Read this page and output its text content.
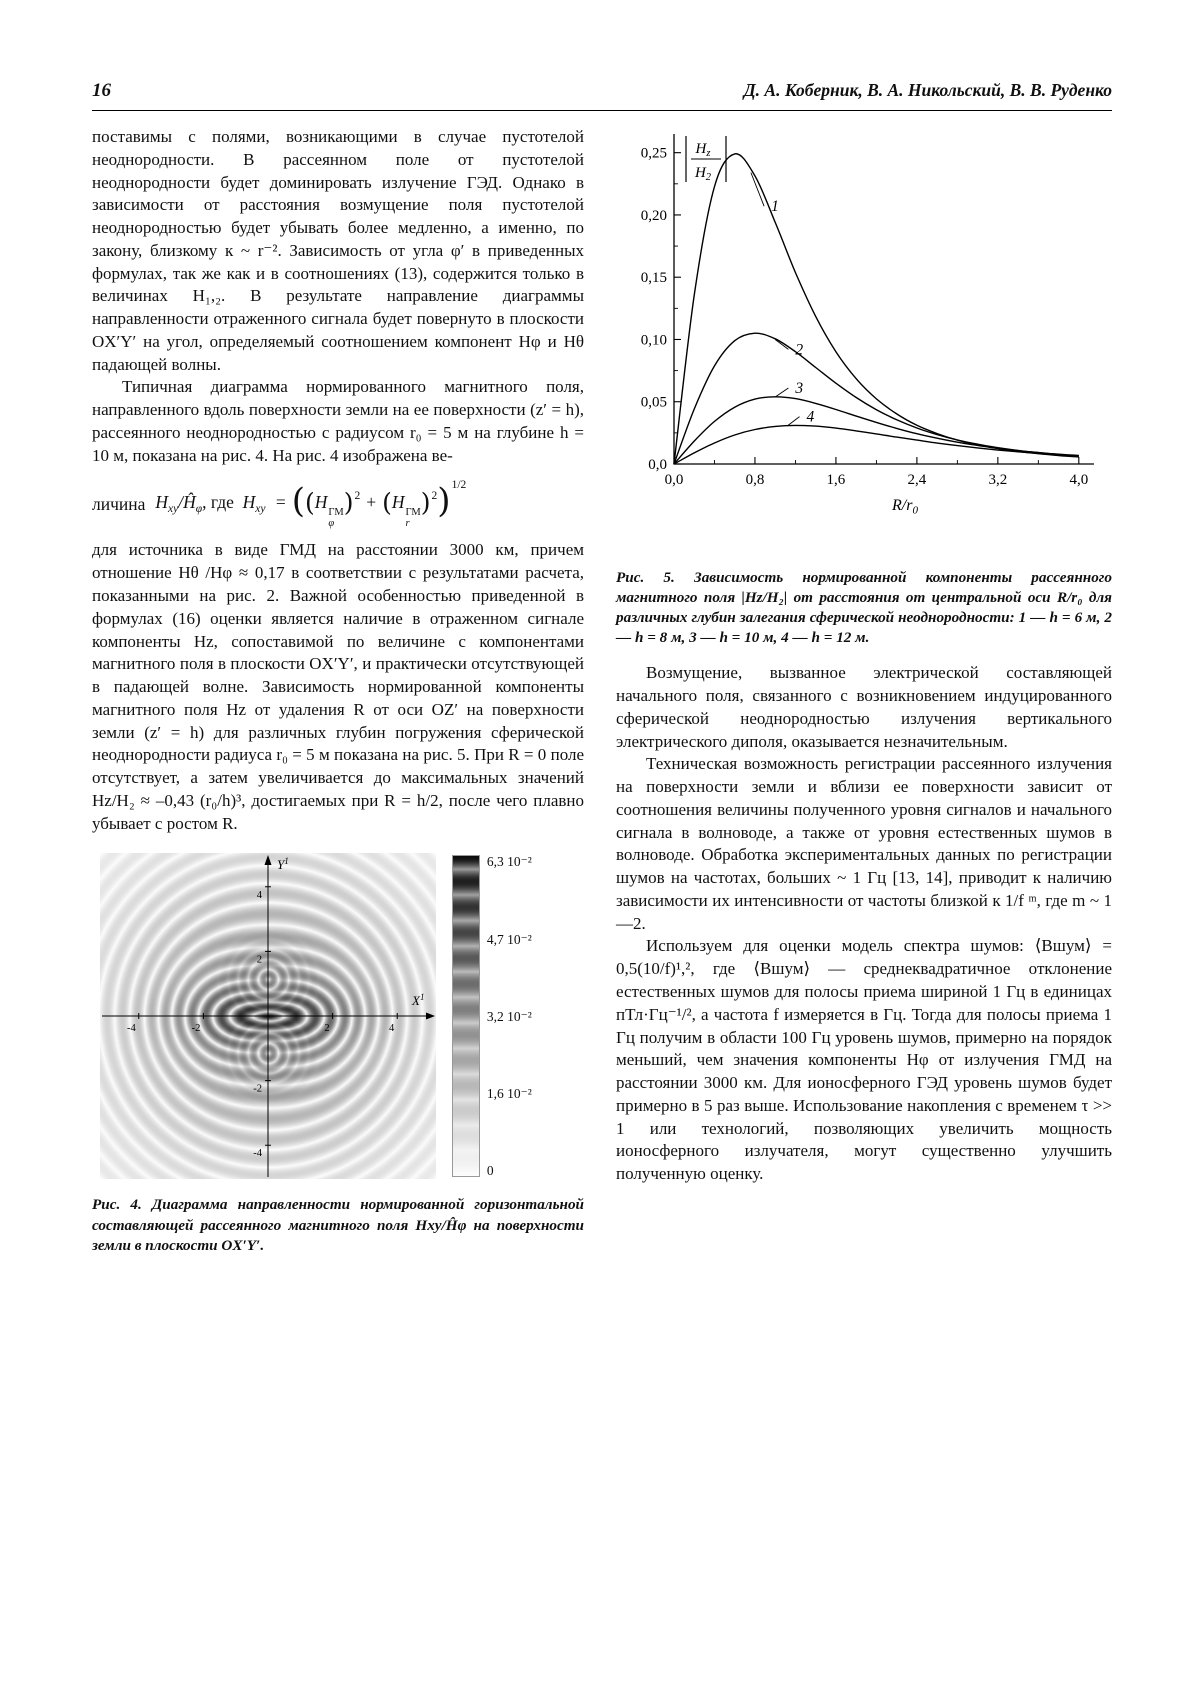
16	Д. А. Коберник, В. А. Никольский, В. В. Руденко

поставимы с полями, возникающими в случае пустотелой неоднородности. В рассеянном поле от пустотелой неоднородности будет доминировать излучение ГЭД. Однако в зависимости от расстояния возмущение поля пустотелой неоднородностью будет убывать более медленно, а именно, по закону, близкому к ~ r⁻². Зависимость от угла φ′ в приведенных формулах, так же как и в соотношениях (13), содержится только в величинах H₁,₂. В результате направление диаграммы направленности отраженного сигнала будет повернуто в плоскости OX′Y′ на угол, определяемый соотношением компонент Hφ и Hθ падающей волны.

Типичная диаграмма нормированного магнитного поля, направленного вдоль поверхности земли на ее поверхности (z′ = h), рассеянного неоднородностью с радиусом r₀ = 5 м на глубине h = 10 м, показана на рис. 4. На рис. 4 изображена ве-

личина $H_{xy}/Ĥ_\varphi$, где $H_{xy} = ((H$
ГМ
φ
)$^2$ + (H
ГМ
r
)$^2$)$^{1/2}$

для источника в виде ГМД на расстоянии 3000 км, причем отношение Hθ /Hφ ≈ 0,17 в соответствии с результатами расчета, показанными на рис. 2. Важной особенностью приведенной в формулах (16) оценки является наличие в отраженном сигнале компоненты Hz, сопоставимой по величине с компонентами магнитного поля в плоскости OX′Y′, и практически отсутствующей в падающей волне. Зависимость нормированной компоненты магнитного поля Hz от удаления R от оси OZ′ на поверхности земли (z′ = h) для различных глубин погружения сферической неоднородности радиуса r₀ = 5 м показана на рис. 5. При R = 0 поле отсутствует, а затем увеличивается до максимальных значений Hz/H₂ ≈ –0,43 (r₀/h)³, достигаемых при R = h/2, после чего плавно убывает с ростом R.

-4
-4
-2
-2
2
2
4
4
$Y^1$
$X^1$
6,3 10⁻²
4,7 10⁻²
3,2 10⁻²
1,6 10⁻²
0

Рис. 4. Диаграмма направленности нормированной горизонтальной составляющей рассеянного магнитного поля Hxy/Ĥφ на поверхности земли в плоскости OX′Y′.

0,0	0,8	1,6	2,4	3,2	4,0
0,0
0,05
0,10
0,15
0,20
0,25 $H_z$
$H_2$
$R/r_0$
1
2
3
4

Рис. 5. Зависимость нормированной компоненты рассеянного магнитного поля |Hz/H₂| от расстояния от центральной оси R/r₀ для различных глубин залегания сферической неоднородности: 1 — h = 6 м, 2 — h = 8 м, 3 — h = 10 м, 4 — h = 12 м.

Возмущение, вызванное электрической составляющей начального поля, связанного с возникновением индуцированного сферической неоднородностью излучения вертикального электрического диполя, оказывается незначительным.

Техническая возможность регистрации рассеянного излучения на поверхности земли и вблизи ее поверхности зависит от соотношения величины полученного уровня сигналов и начального сигнала в волноводе, а также от уровня естественных шумов в волноводе. Обработка экспериментальных данных по регистрации шумов на частотах, больших ~ 1 Гц [13, 14], приводит к наличию зависимости их интенсивности от частоты близкой к 1/f ᵐ, где m ~ 1—2.

Используем для оценки модель спектра шумов: ⟨Bшум⟩ = 0,5(10/f)¹,², где ⟨Bшум⟩ — среднеквадратичное отклонение естественных шумов для полосы приема шириной 1 Гц в единицах пТл·Гц⁻¹/², а частота f измеряется в Гц. Тогда для полосы приема 1 Гц получим в области 100 Гц уровень шумов, примерно на порядок меньший, чем значения компоненты Hφ от излучения ГМД на расстоянии 3000 км. Для ионосферного ГЭД уровень шумов будет примерно в 5 раз выше. Использование накопления с временем τ >> 1 или технологий, позволяющих увеличить мощность ионосферного излучателя, могут существенно улучшить полученную оценку.
